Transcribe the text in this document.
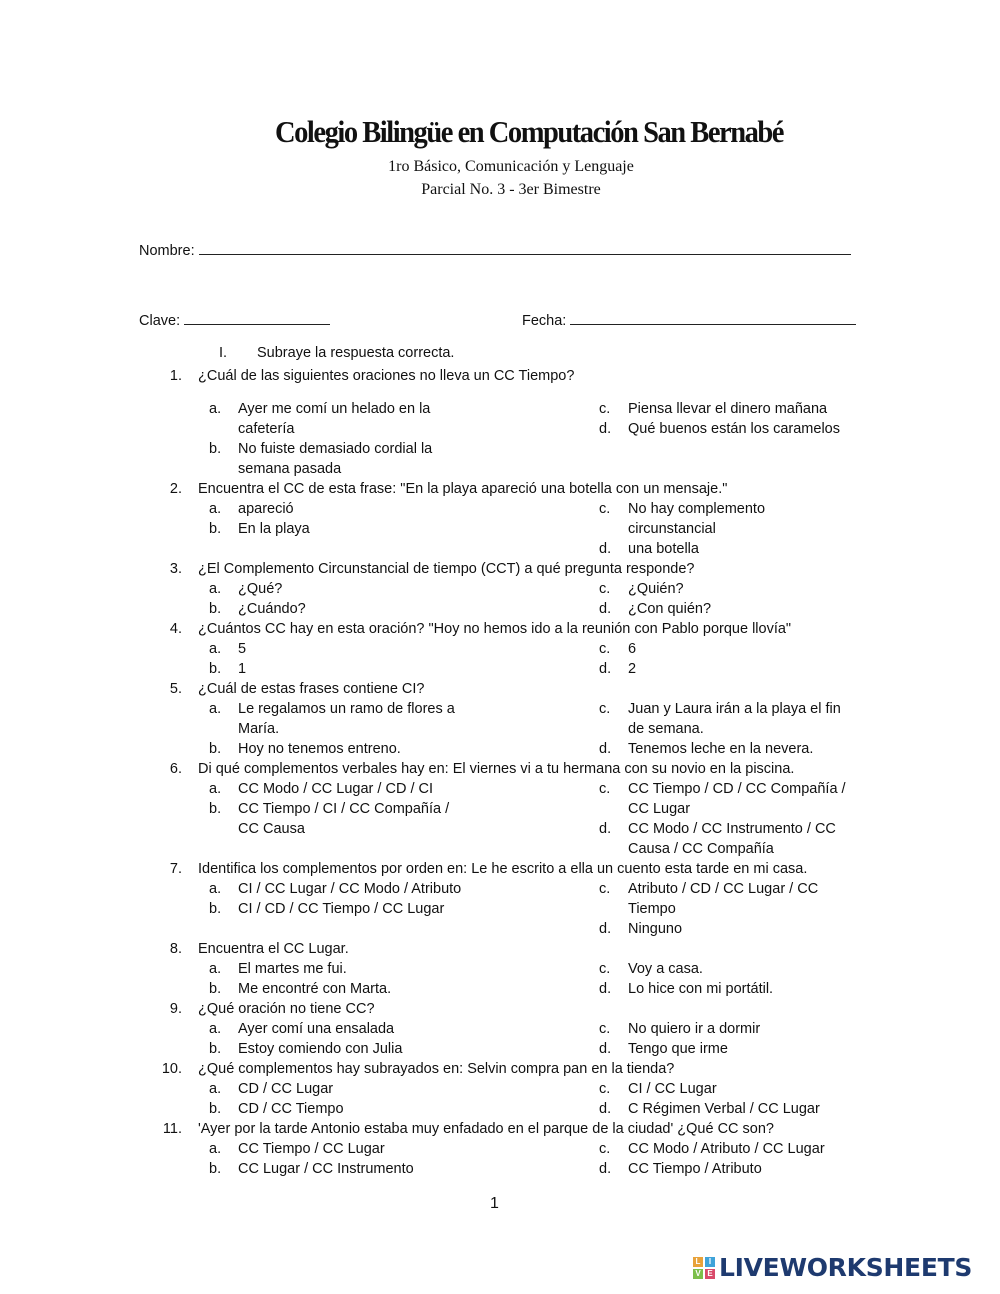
Colegio Bilingüe en Computación San Bernabé
1ro Básico, Comunicación y Lenguaje
Parcial No. 3 - 3er Bimestre
Nombre:
Clave:	Fecha:
I. Subraye la respuesta correcta.
1. ¿Cuál de las siguientes oraciones no lleva un CC Tiempo?
a. Ayer me comí un helado en la cafetería
b. No fuiste demasiado cordial la semana pasada
c. Piensa llevar el dinero mañana
d. Qué buenos están los caramelos
2. Encuentra el CC de esta frase: "En la playa apareció una botella con un mensaje."
a. apareció
b. En la playa
c. No hay complemento circunstancial
d. una botella
3. ¿El Complemento Circunstancial de tiempo (CCT) a qué pregunta responde?
a. ¿Qué?
b. ¿Cuándo?
c. ¿Quién?
d. ¿Con quién?
4. ¿Cuántos CC hay en esta oración? "Hoy no hemos ido a la reunión con Pablo porque llovía"
a. 5
b. 1
c. 6
d. 2
5. ¿Cuál de estas frases contiene CI?
a. Le regalamos un ramo de flores a María.
b. Hoy no tenemos entreno.
c. Juan y Laura irán a la playa el fin de semana.
d. Tenemos leche en la nevera.
6. Di qué complementos verbales hay en: El viernes vi a tu hermana con su novio en la piscina.
a. CC Modo / CC Lugar / CD / CI
b. CC Tiempo / CI / CC Compañía / CC Causa
c. CC Tiempo / CD / CC Compañía / CC Lugar
d. CC Modo / CC Instrumento / CC Causa / CC Compañía
7. Identifica los complementos por orden en: Le he escrito a ella un cuento esta tarde en mi casa.
a. CI / CC Lugar / CC Modo / Atributo
b. CI / CD / CC Tiempo / CC Lugar
c. Atributo / CD / CC Lugar / CC Tiempo
d. Ninguno
8. Encuentra el CC Lugar.
a. El martes me fui.
b. Me encontré con Marta.
c. Voy a casa.
d. Lo hice con mi portátil.
9. ¿Qué oración no tiene CC?
a. Ayer comí una ensalada
b. Estoy comiendo con Julia
c. No quiero ir a dormir
d. Tengo que irme
10. ¿Qué complementos hay subrayados en: Selvin compra pan en la tienda?
a. CD / CC Lugar
b. CD / CC Tiempo
c. CI / CC Lugar
d. C Régimen Verbal / CC Lugar
11. 'Ayer por la tarde Antonio estaba muy enfadado en el parque de la ciudad' ¿Qué CC son?
a. CC Tiempo / CC Lugar
b. CC Lugar / CC Instrumento
c. CC Modo / Atributo / CC Lugar
d. CC Tiempo / Atributo
1
L	I
V E LIVEWORKSHEETS
